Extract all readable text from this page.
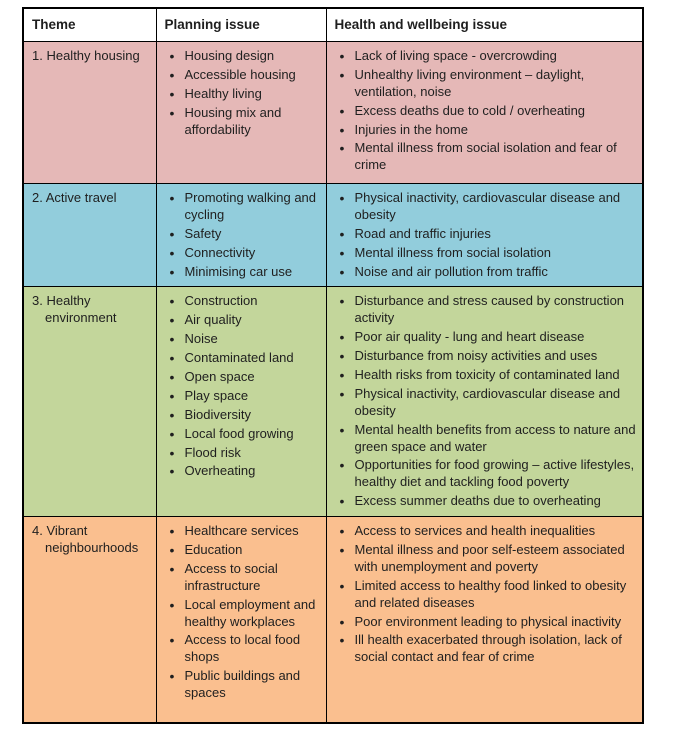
Theme	Planning issue	Health and wellbeing issue

1. Healthy housing

•Housing design
• Accessible housing
• Healthy living
• Housing mix and affordability

• Lack of living space - overcrowding
• Unhealthy living environment – daylight, ventilation, noise
• Excess deaths due to cold / overheating
• Injuries in the home
• Mental illness from social isolation and fear of crime

2. Active travel

•Promoting walking and cycling
• Safety
• Connectivity
• Minimising car use

• Physical inactivity, cardiovascular disease and obesity
• Road and traffic injuries
• Mental illness from social isolation
• Noise and air pollution from traffic

3. Healthy environment

• Construction
• Air quality
• Noise
• Contaminated land
• Open space
• Play space
• Biodiversity
• Local food growing
• Flood risk
• Overheating

• Disturbance and stress caused by construction activity
• Poor air quality - lung and heart disease
• Disturbance from noisy activities and uses
• Health risks from toxicity of contaminated land
• Physical inactivity, cardiovascular disease and obesity
• Mental health benefits from access to nature and green space and water
• Opportunities for food growing – active lifestyles, healthy diet and tackling food poverty
• Excess summer deaths due to overheating

4. Vibrant neighbourhoods

• Healthcare services
• Education
• Access to social infrastructure
• Local employment and healthy workplaces
• Access to local food shops
• Public buildings and spaces

• Access to services and health inequalities
• Mental illness and poor self-esteem associated with unemployment and poverty
• Limited access to healthy food linked to obesity and related diseases
• Poor environment leading to physical inactivity
• Ill health exacerbated through isolation, lack of social contact and fear of crime
